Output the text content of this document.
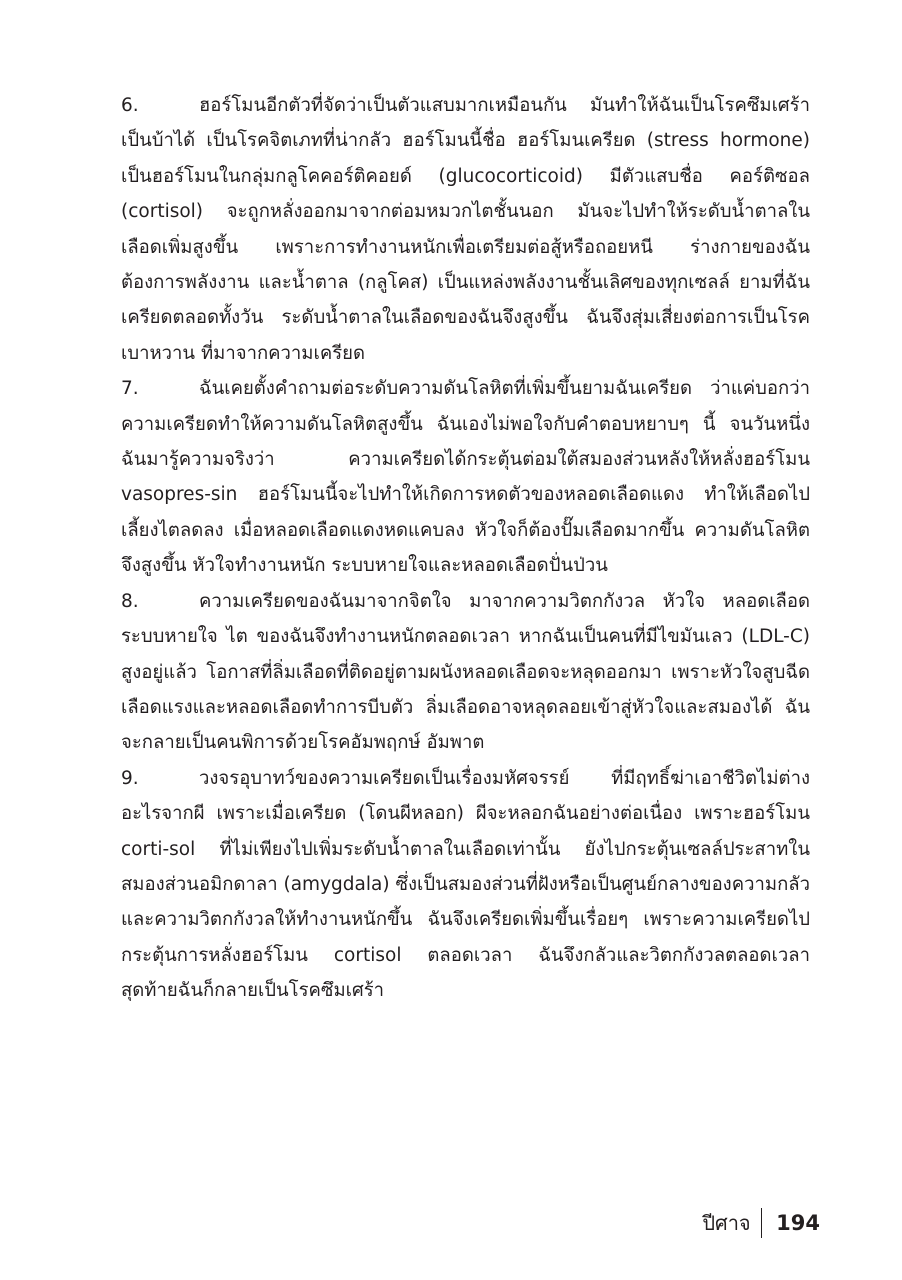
6.	ฮอร์โมนอีกตัวที่จัดว่าเป็นตัวแสบมากเหมือนกัน มันทำให้ฉันเป็นโรคซึมเศร้า เป็นบ้าได้ เป็นโรคจิตเภทที่น่ากลัว ฮอร์โมนนี้ชื่อ ฮอร์โมนเครียด (stress hormone) เป็นฮอร์โมนในกลุ่มกลูโคคอร์ติคอยด์ (glucocorticoid) มีตัวแสบชื่อ คอร์ติซอล (cortisol) จะถูกหลั่งออกมาจากต่อมหมวกไตชั้นนอก มันจะไปทำให้ระดับน้ำตาลในเลือดเพิ่มสูงขึ้น เพราะการทำงานหนักเพื่อเตรียมต่อสู้หรือถอยหนี ร่างกายของฉันต้องการพลังงาน และน้ำตาล (กลูโคส) เป็นแหล่งพลังงานชั้นเลิศของทุกเซลล์ ยามที่ฉันเครียดตลอดทั้งวัน ระดับน้ำตาลในเลือดของฉันจึงสูงขึ้น ฉันจึงสุ่มเสี่ยงต่อการเป็นโรคเบาหวาน ที่มาจากความเครียด

7.	ฉันเคยตั้งคำถามต่อระดับความดันโลหิตที่เพิ่มขึ้นยามฉันเครียด ว่าแค่บอกว่าความเครียดทำให้ความดันโลหิตสูงขึ้น ฉันเองไม่พอใจกับคำตอบหยาบๆ นี้ จนวันหนึ่งฉันมารู้ความจริงว่า ความเครียดได้กระตุ้นต่อมใต้สมองส่วนหลังให้หลั่งฮอร์โมน vasopres-sin ฮอร์โมนนี้จะไปทำให้เกิดการหดตัวของหลอดเลือดแดง ทำให้เลือดไปเลี้ยงไตลดลง เมื่อหลอดเลือดแดงหดแคบลง หัวใจก็ต้องปั๊มเลือดมากขึ้น ความดันโลหิตจึงสูงขึ้น หัวใจทำงานหนัก ระบบหายใจและหลอดเลือดปั่นป่วน

8.	ความเครียดของฉันมาจากจิตใจ มาจากความวิตกกังวล หัวใจ หลอดเลือด ระบบหายใจ ไต ของฉันจึงทำงานหนักตลอดเวลา หากฉันเป็นคนที่มีไขมันเลว (LDL-C) สูงอยู่แล้ว โอกาสที่ลิ่มเลือดที่ติดอยู่ตามผนังหลอดเลือดจะหลุดออกมา เพราะหัวใจสูบฉีดเลือดแรงและหลอดเลือดทำการบีบตัว ลิ่มเลือดอาจหลุดลอยเข้าสู่หัวใจและสมองได้ ฉันจะกลายเป็นคนพิการด้วยโรคอัมพฤกษ์ อัมพาต

9.	วงจรอุบาทว์ของความเครียดเป็นเรื่องมหัศจรรย์ ที่มีฤทธิ์ฆ่าเอาชีวิตไม่ต่างอะไรจากผี เพราะเมื่อเครียด (โดนผีหลอก) ผีจะหลอกฉันอย่างต่อเนื่อง เพราะฮอร์โมน corti-sol ที่ไม่เพียงไปเพิ่มระดับน้ำตาลในเลือดเท่านั้น ยังไปกระตุ้นเซลล์ประสาทในสมองส่วนอมิกดาลา (amygdala) ซึ่งเป็นสมองส่วนที่ฝังหรือเป็นศูนย์กลางของความกลัวและความวิตกกังวลให้ทำงานหนักขึ้น ฉันจึงเครียดเพิ่มขึ้นเรื่อยๆ เพราะความเครียดไปกระตุ้นการหลั่งฮอร์โมน cortisol ตลอดเวลา ฉันจึงกลัวและวิตกกังวลตลอดเวลา สุดท้ายฉันก็กลายเป็นโรคซึมเศร้า

ปีศาจ	194
